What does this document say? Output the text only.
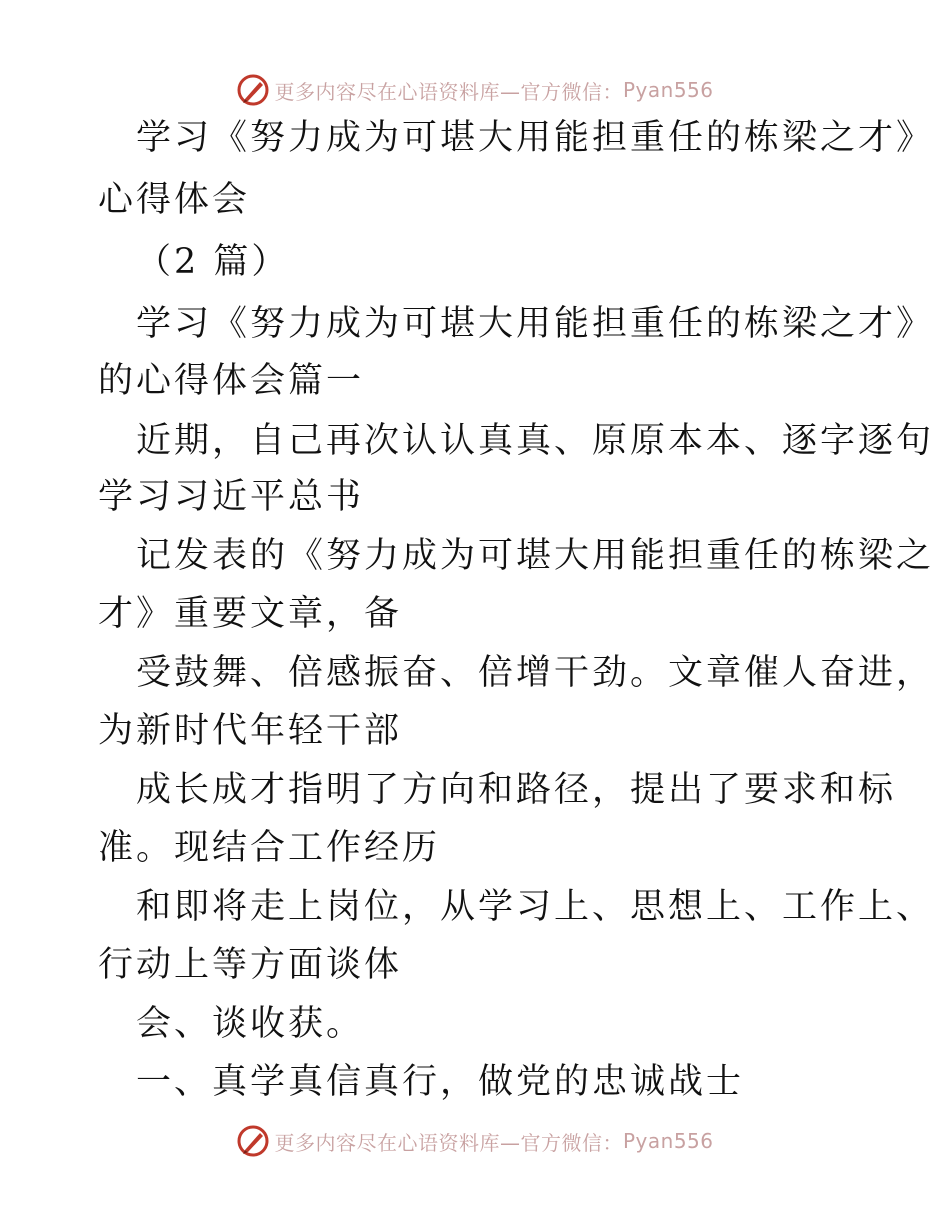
更多内容尽在心语资料库—官方微信： Pyan556
学习《努力成为可堪大用能担重任的栋梁之才》
心得体会
（2 篇）
学习《努力成为可堪大用能担重任的栋梁之才》
的心得体会篇一
近期，自己再次认认真真、原原本本、逐字逐句
学习习近平总书
记发表的《努力成为可堪大用能担重任的栋梁之
才》重要文章，备
受鼓舞、倍感振奋、倍增干劲。文章催人奋进，
为新时代年轻干部
成长成才指明了方向和路径，提出了要求和标
准。现结合工作经历
和即将走上岗位，从学习上、思想上、工作上、
行动上等方面谈体
会、谈收获。
一、真学真信真行，做党的忠诚战士
更多内容尽在心语资料库—官方微信： Pyan556
